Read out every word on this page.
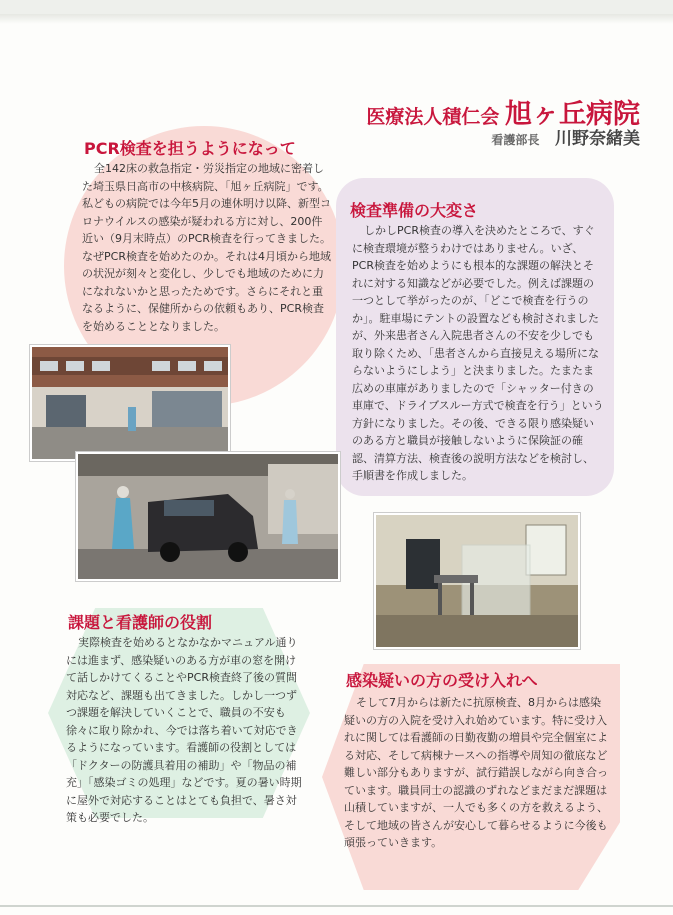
医療法人積仁会 旭ヶ丘病院
看護部長 川野奈緒美
PCR検査を担うようになって

全142床の救急指定・労災指定の地域に密着した埼玉県日高市の中核病院、「旭ヶ丘病院」です。私どもの病院では今年5月の連休明け以降、新型コロナウイルスの感染が疑われる方に対し、200件近い（9月末時点）のPCR検査を行ってきました。なぜPCR検査を始めたのか。それは4月頃から地域の状況が刻々と変化し、少しでも地域のために力になれないかと思ったためです。さらにそれと重なるように、保健所からの依頼もあり、PCR検査を始めることとなりました。

検査準備の大変さ

しかしPCR検査の導入を決めたところで、すぐに検査環境が整うわけではありません。いざ、PCR検査を始めようにも根本的な課題の解決とそれに対する知識などが必要でした。例えば課題の一つとして挙がったのが、「どこで検査を行うのか」。駐車場にテントの設置なども検討されましたが、外来患者さん入院患者さんの不安を少しでも取り除くため、「患者さんから直接見える場所にならないようにしよう」と決まりました。たまたま広めの車庫がありましたので「シャッター付きの車庫で、ドライブスルー方式で検査を行う」という方針になりました。その後、できる限り感染疑いのある方と職員が接触しないように保険証の確認、清算方法、検査後の説明方法などを検討し、手順書を作成しました。

課題と看護師の役割

実際検査を始めるとなかなかマニュアル通りには進まず、感染疑いのある方が車の窓を開けて話しかけてくることやPCR検査終了後の質問対応など、課題も出てきました。しかし一つずつ課題を解決していくことで、職員の不安も徐々に取り除かれ、今では落ち着いて対応できるようになっています。看護師の役割としては「ドクターの防護具着用の補助」や「物品の補充」「感染ゴミの処理」などです。夏の暑い時期に屋外で対応することはとても負担で、暑さ対策も必要でした。

感染疑いの方の受け入れへ

そして7月からは新たに抗原検査、8月からは感染疑いの方の入院を受け入れ始めています。特に受け入れに関しては看護師の日勤夜勤の増員や完全個室による対応、そして病棟ナースへの指導や周知の徹底など難しい部分もありますが、試行錯誤しながら向き合っています。職員同士の認識のずれなどまだまだ課題は山積していますが、一人でも多くの方を救えるよう、そして地域の皆さんが安心して暮らせるように今後も頑張っていきます。
